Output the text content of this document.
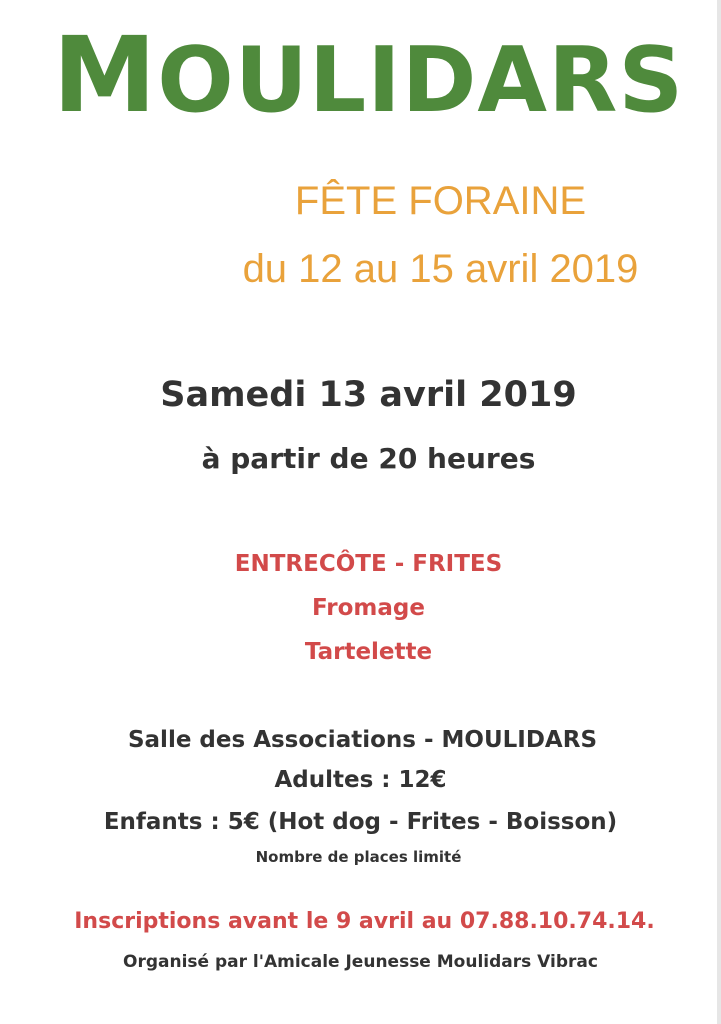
MOULIDARS
FÊTE FORAINE
du 12 au 15 avril 2019
Samedi 13 avril 2019
à partir de 20 heures
ENTRECÔTE - FRITES
Fromage
Tartelette
Salle des Associations - MOULIDARS
Adultes : 12€
Enfants : 5€ (Hot dog - Frites - Boisson)
Nombre de places limité
Inscriptions avant le 9 avril au 07.88.10.74.14.
Organisé par l'Amicale Jeunesse Moulidars Vibrac
